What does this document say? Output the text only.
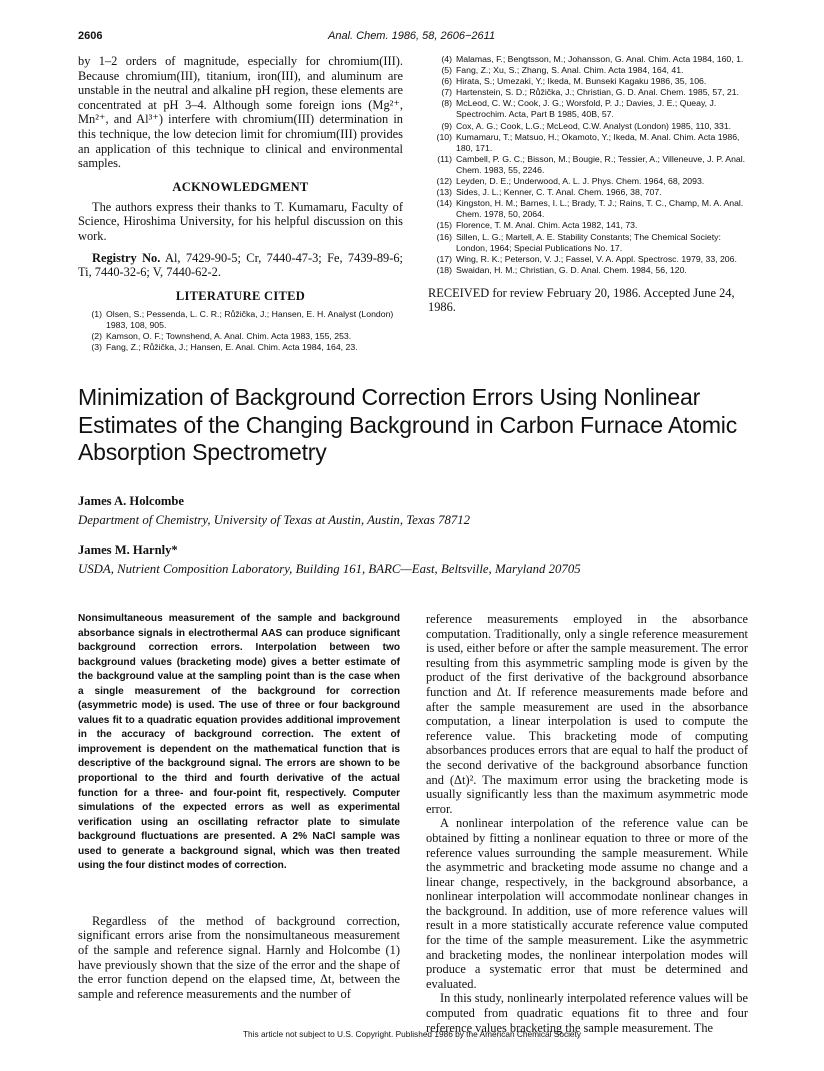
2606	Anal. Chem. 1986, 58, 2606−2611

by 1–2 orders of magnitude, especially for chromium(III). Because chromium(III), titanium, iron(III), and aluminum are unstable in the neutral and alkaline pH region, these elements are concentrated at pH 3–4. Although some foreign ions (Mg²⁺, Mn²⁺, and Al³⁺) interfere with chromium(III) determination in this technique, the low detecion limit for chromium(III) provides an application of this technique to clinical and environmental samples.

ACKNOWLEDGMENT

The authors express their thanks to T. Kumamaru, Faculty of Science, Hiroshima University, for his helpful discussion on this work.

Registry No. Al, 7429-90-5; Cr, 7440-47-3; Fe, 7439-89-6; Ti, 7440-32-6; V, 7440-62-2.

LITERATURE CITED

(1) Olsen, S.; Pessenda, L. C. R.; Růžička, J.; Hansen, E. H. Analyst (London) 1983, 108, 905.
(2) Kamson, O. F.; Townshend, A. Anal. Chim. Acta 1983, 155, 253.
(3) Fang, Z.; Růžička, J.; Hansen, E. Anal. Chim. Acta 1984, 164, 23.
(4) Malamas, F.; Bengtsson, M.; Johansson, G. Anal. Chim. Acta 1984, 160, 1.
(5) Fang, Z.; Xu, S.; Zhang, S. Anal. Chim. Acta 1984, 164, 41.
(6) Hirata, S.; Umezaki, Y.; Ikeda, M. Bunseki Kagaku 1986, 35, 106.
(7) Hartenstein, S. D.; Růžička, J.; Christian, G. D. Anal. Chem. 1985, 57, 21.
(8) McLeod, C. W.; Cook, J. G.; Worsfold, P. J.; Davies, J. E.; Queay, J. Spectrochim. Acta, Part B 1985, 40B, 57.
(9) Cox, A. G.; Cook, L.G.; McLeod, C.W. Analyst (London) 1985, 110, 331.
(10) Kumamaru, T.; Matsuo, H.; Okamoto, Y.; Ikeda, M. Anal. Chim. Acta 1986, 180, 171.
(11) Cambell, P. G. C.; Bisson, M.; Bougie, R.; Tessier, A.; Villeneuve, J. P. Anal. Chem. 1983, 55, 2246.
(12) Leyden, D. E.; Underwood, A. L. J. Phys. Chem. 1964, 68, 2093.
(13) Sides, J. L.; Kenner, C. T. Anal. Chem. 1966, 38, 707.
(14) Kingston, H. M.; Barnes, I. L.; Brady, T. J.; Rains, T. C., Champ, M. A. Anal. Chem. 1978, 50, 2064.
(15) Florence, T. M. Anal. Chim. Acta 1982, 141, 73.
(16) Sillen, L. G.; Martell, A. E. Stability Constants; The Chemical Society: London, 1964; Special Publications No. 17.
(17) Wing, R. K.; Peterson, V. J.; Fassel, V. A. Appl. Spectrosc. 1979, 33, 206.
(18) Swaidan, H. M.; Christian, G. D. Anal. Chem. 1984, 56, 120.

RECEIVED for review February 20, 1986. Accepted June 24, 1986.

Minimization of Background Correction Errors Using Nonlinear Estimates of the Changing Background in Carbon Furnace Atomic Absorption Spectrometry
James A. Holcombe
Department of Chemistry, University of Texas at Austin, Austin, Texas 78712
James M. Harnly*
USDA, Nutrient Composition Laboratory, Building 161, BARC—East, Beltsville, Maryland 20705

Nonsimultaneous measurement of the sample and background absorbance signals in electrothermal AAS can produce significant background correction errors. Interpolation between two background values (bracketing mode) gives a better estimate of the background value at the sampling point than is the case when a single measurement of the background for correction (asymmetric mode) is used. The use of three or four background values fit to a quadratic equation provides additional improvement in the accuracy of background correction. The extent of improvement is dependent on the mathematical function that is descriptive of the background signal. The errors are shown to be proportional to the third and fourth derivative of the actual function for a three- and four-point fit, respectively. Computer simulations of the expected errors as well as experimental verification using an oscillating refractor plate to simulate background fluctuations are presented. A 2% NaCl sample was used to generate a background signal, which was then treated using the four distinct modes of correction.

Regardless of the method of background correction, significant errors arise from the nonsimultaneous measurement of the sample and reference signal. Harnly and Holcombe (1) have previously shown that the size of the error and the shape of the error function depend on the elapsed time, Δt, between the sample and reference measurements and the number of

reference measurements employed in the absorbance computation. Traditionally, only a single reference measurement is used, either before or after the sample measurement. The error resulting from this asymmetric sampling mode is given by the product of the first derivative of the background absorbance function and Δt. If reference measurements made before and after the sample measurement are used in the absorbance computation, a linear interpolation is used to compute the reference value. This bracketing mode of computing absorbances produces errors that are equal to half the product of the second derivative of the background absorbance function and (Δt)². The maximum error using the bracketing mode is usually significantly less than the maximum asymmetric mode error.

A nonlinear interpolation of the reference value can be obtained by fitting a nonlinear equation to three or more of the reference values surrounding the sample measurement. While the asymmetric and bracketing mode assume no change and a linear change, respectively, in the background absorbance, a nonlinear interpolation will accommodate nonlinear changes in the background. In addition, use of more reference values will result in a more statistically accurate reference value computed for the time of the sample measurement. Like the asymmetric and bracketing modes, the nonlinear interpolation modes will produce a systematic error that must be determined and evaluated.

In this study, nonlinearly interpolated reference values will be computed from quadratic equations fit to three and four reference values bracketing the sample measurement. The

This article not subject to U.S. Copyright. Published 1986 by the American Chemical Society
